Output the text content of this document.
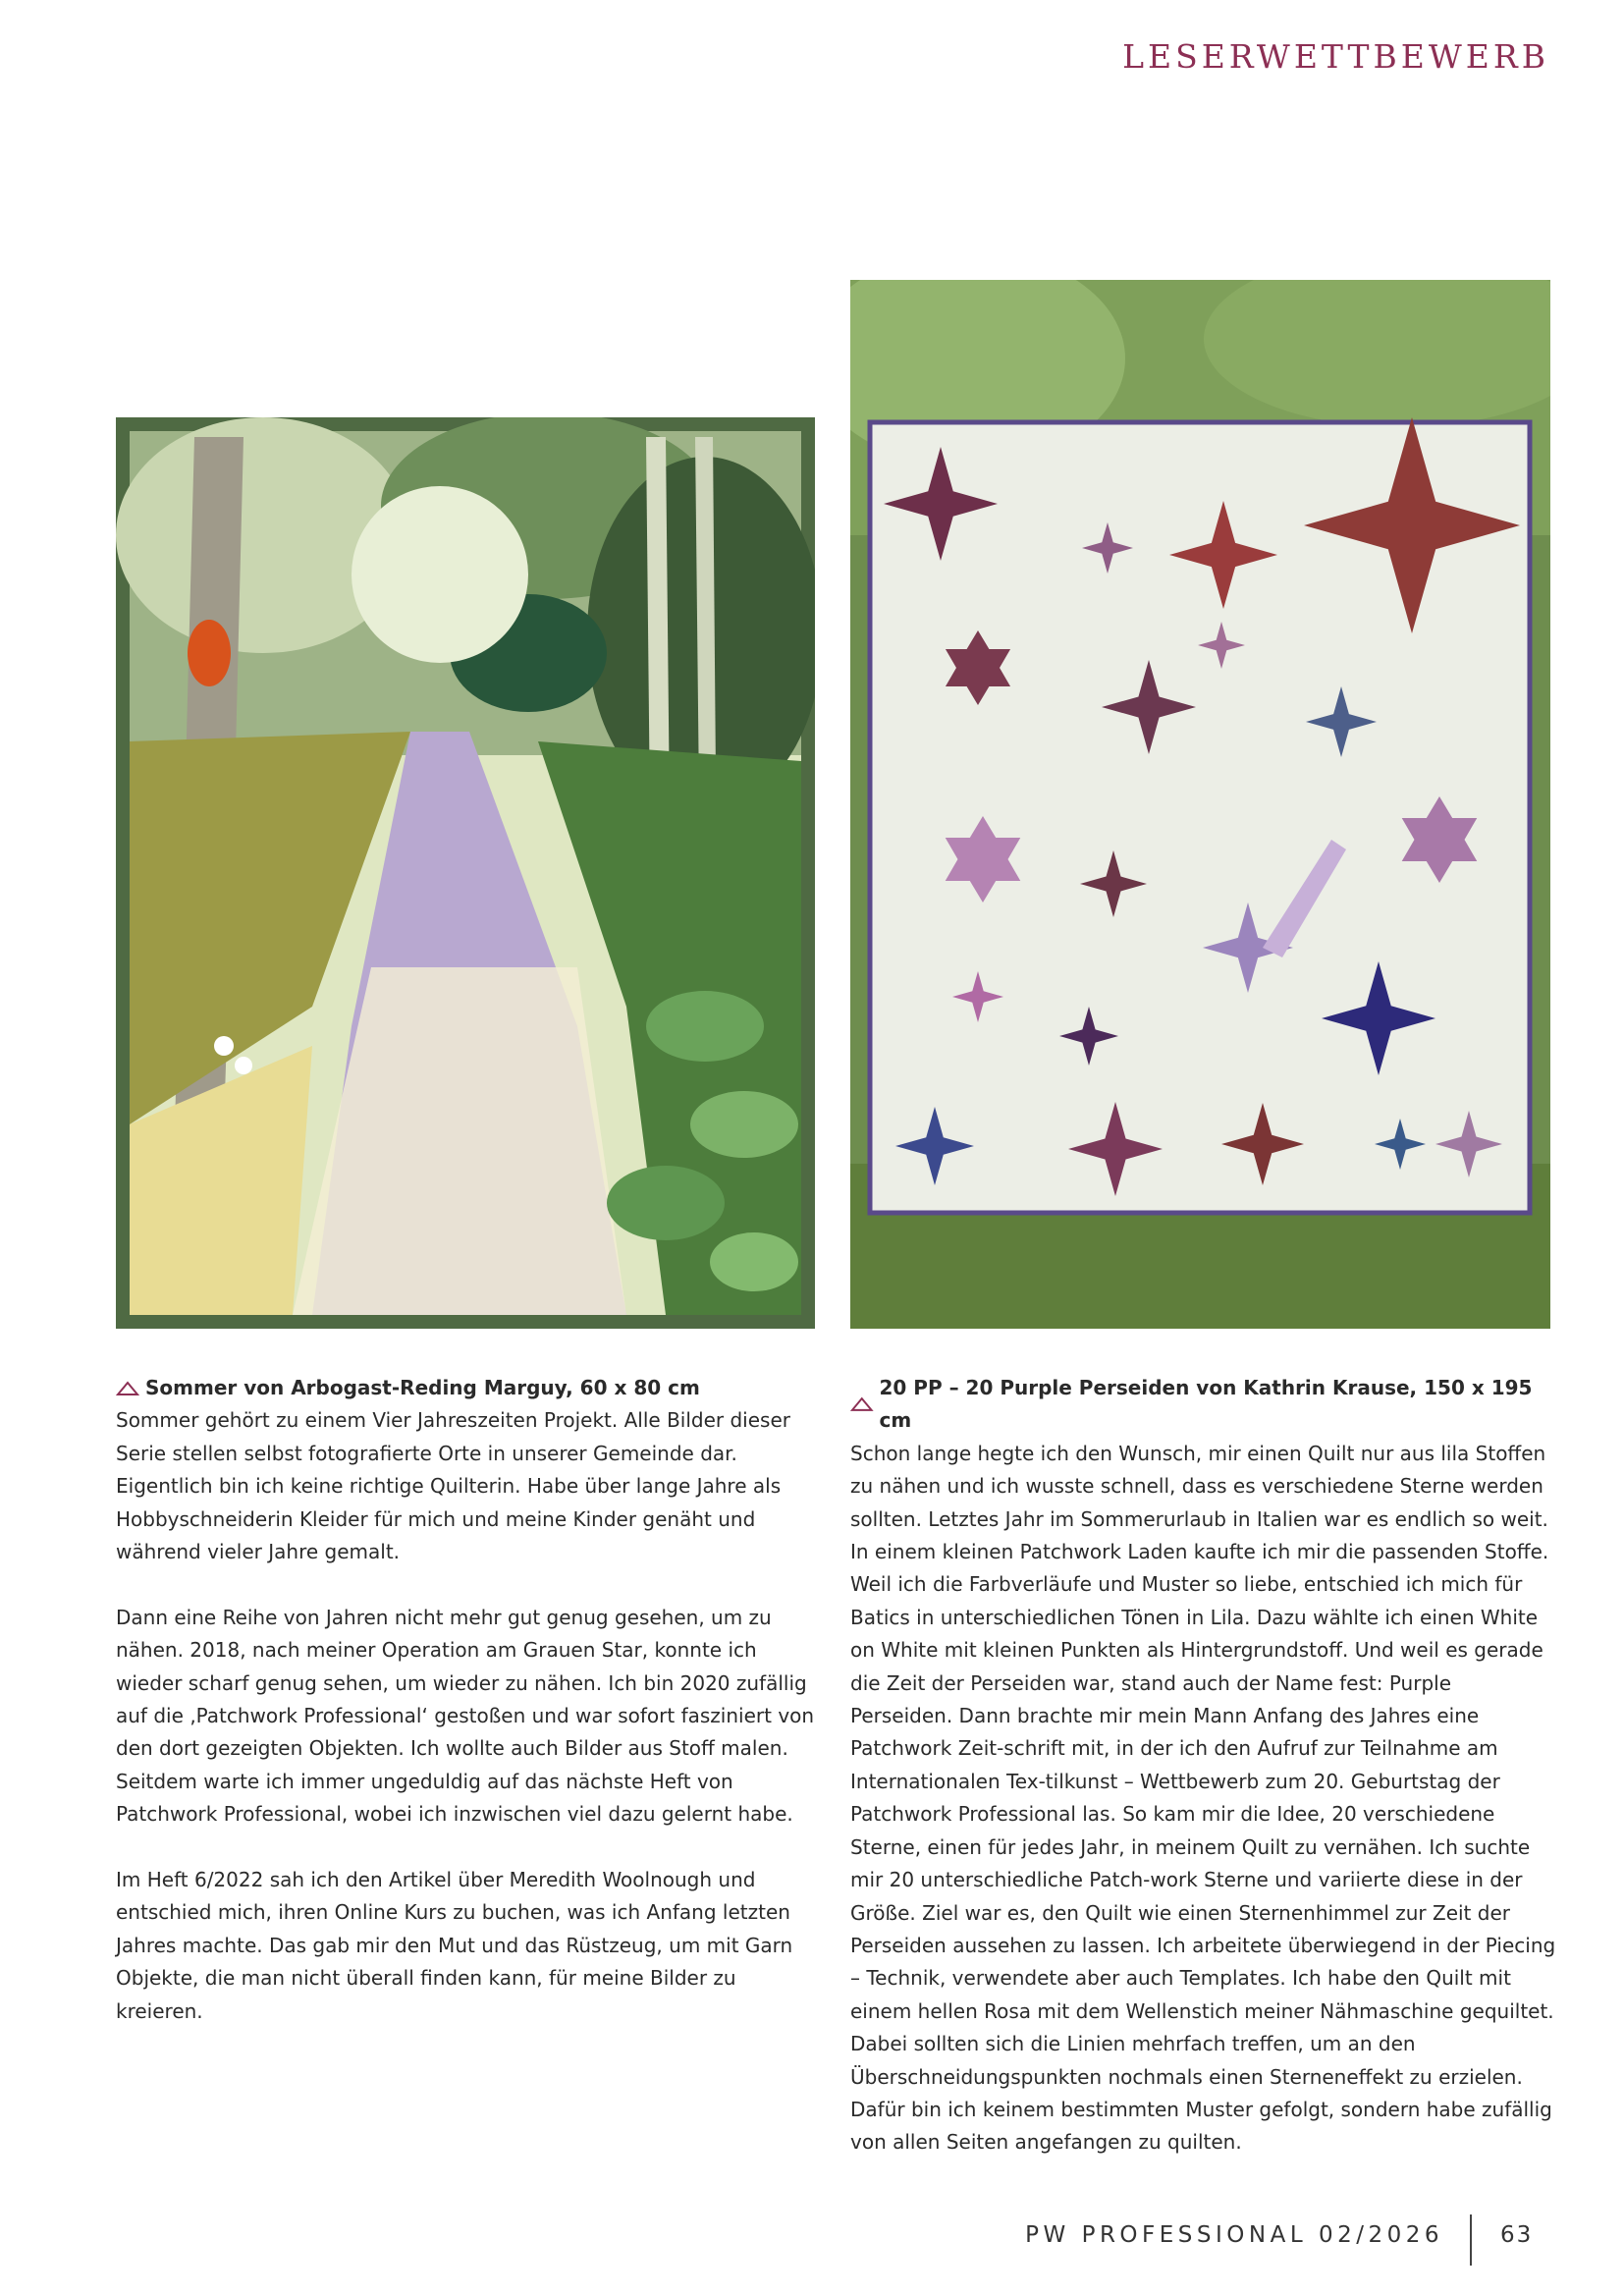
LESERWETTBEWERB
Sommer von Arbogast-Reding Marguy, 60 x 80 cm

Sommer gehört zu einem Vier Jahreszeiten Projekt. Alle Bilder dieser Serie stellen selbst fotografierte Orte in unserer Gemeinde dar. Eigentlich bin ich keine richtige Quilterin. Habe über lange Jahre als Hobbyschneiderin Kleider für mich und meine Kinder genäht und während vieler Jahre gemalt.

Dann eine Reihe von Jahren nicht mehr gut genug gesehen, um zu nähen. 2018, nach meiner Operation am Grauen Star, konnte ich wieder scharf genug sehen, um wieder zu nähen. Ich bin 2020 zufällig auf die ‚Patchwork Professional‘ gestoßen und war sofort fasziniert von den dort gezeigten Objekten. Ich wollte auch Bilder aus Stoff malen. Seitdem warte ich immer ungeduldig auf das nächste Heft von Patchwork Professional, wobei ich inzwischen viel dazu gelernt habe.

Im Heft 6/2022 sah ich den Artikel über Meredith Woolnough und entschied mich, ihren Online Kurs zu buchen, was ich Anfang letzten Jahres machte. Das gab mir den Mut und das Rüstzeug, um mit Garn Objekte, die man nicht überall finden kann, für meine Bilder zu kreieren.

20 PP – 20 Purple Perseiden von Kathrin Krause, 150 x 195 cm

Schon lange hegte ich den Wunsch, mir einen Quilt nur aus lila Stoffen zu nähen und ich wusste schnell, dass es verschiedene Sterne werden sollten. Letztes Jahr im Sommerurlaub in Italien war es endlich so weit. In einem kleinen Patchwork Laden kaufte ich mir die passenden Stoffe. Weil ich die Farbverläufe und Muster so liebe, entschied ich mich für Batics in unterschiedlichen Tönen in Lila. Dazu wählte ich einen White on White mit kleinen Punkten als Hintergrundstoff. Und weil es gerade die Zeit der Perseiden war, stand auch der Name fest: Purple Perseiden. Dann brachte mir mein Mann Anfang des Jahres eine Patchwork Zeit-schrift mit, in der ich den Aufruf zur Teilnahme am Internationalen Tex-tilkunst – Wettbewerb zum 20. Geburtstag der Patchwork Professional las. So kam mir die Idee, 20 verschiedene Sterne, einen für jedes Jahr, in meinem Quilt zu vernähen. Ich suchte mir 20 unterschiedliche Patch-work Sterne und variierte diese in der Größe. Ziel war es, den Quilt wie einen Sternenhimmel zur Zeit der Perseiden aussehen zu lassen. Ich arbeitete überwiegend in der Piecing – Technik, verwendete aber auch Templates. Ich habe den Quilt mit einem hellen Rosa mit dem Wellenstich meiner Nähmaschine gequiltet. Dabei sollten sich die Linien mehrfach treffen, um an den Überschneidungspunkten nochmals einen Sterneneffekt zu erzielen. Dafür bin ich keinem bestimmten Muster gefolgt, sondern habe zufällig von allen Seiten angefangen zu quilten.

PW PROFESSIONAL 02/2026	63
